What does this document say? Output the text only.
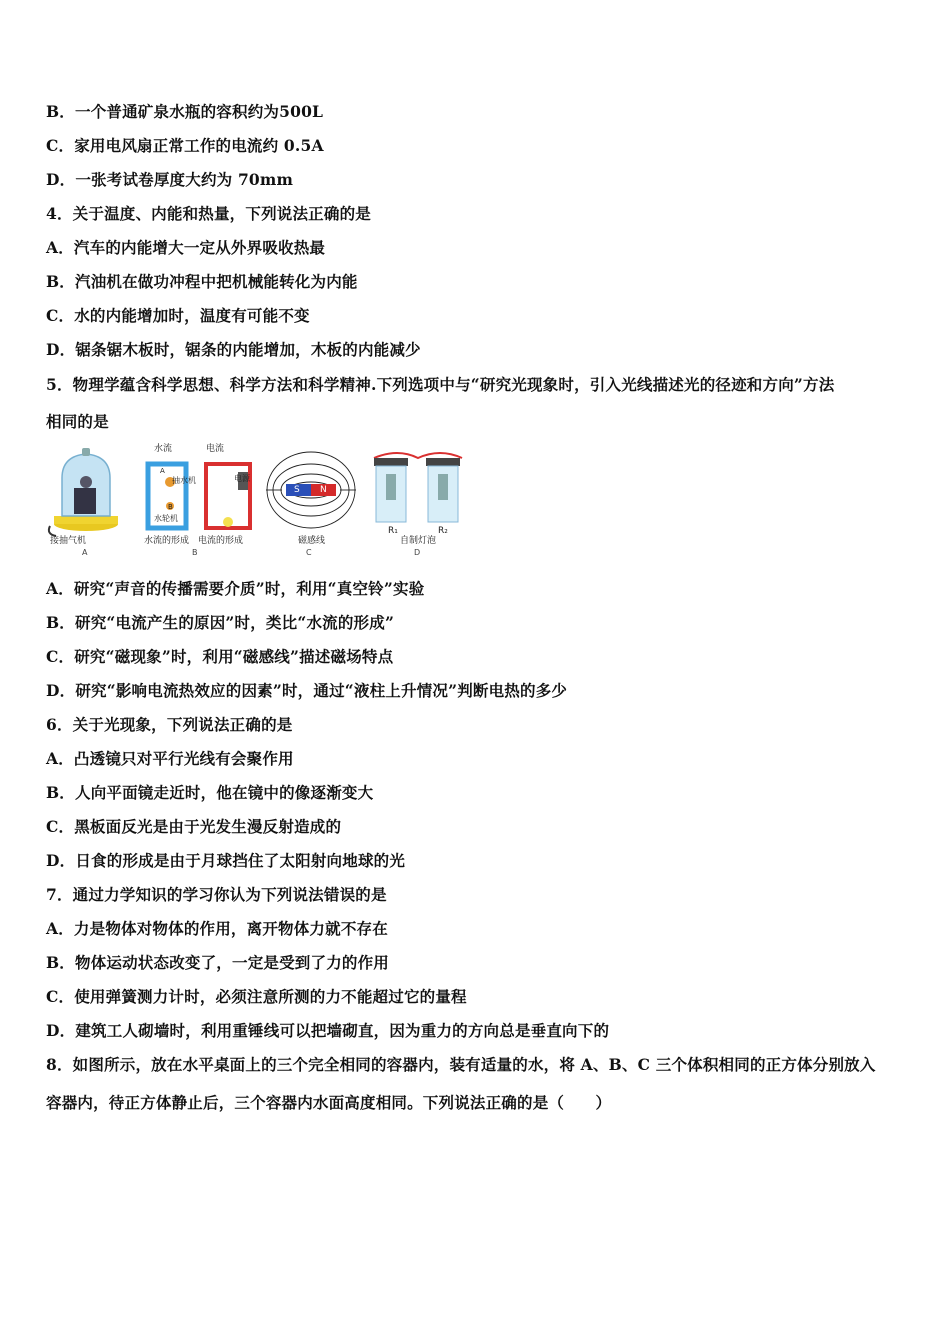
B．一个普通矿泉水瓶的容积约为500L
C．家用电风扇正常工作的电流约 0.5A
D．一张考试卷厚度大约为 70mm
4．关于温度、内能和热量，下列说法正确的是
A．汽车的内能增大一定从外界吸收热最
B．汽油机在做功冲程中把机械能转化为内能
C．水的内能增加时，温度有可能不变
D．锯条锯木板时，锯条的内能增加，木板的内能减少
5．物理学蕴含科学思想、科学方法和科学精神.下列选项中与“研究光现象时，引入光线描述光的径迹和方向”方法
相同的是
接抽气机
A
水流	电流
A
抽水机
B
水轮机
电源
水流的形成 电流的形成
B
S N
磁感线
C
R₁	R₂
自制灯泡
D
A．研究“声音的传播需要介质”时，利用“真空铃”实验
B．研究“电流产生的原因”时，类比“水流的形成”
C．研究“磁现象”时，利用“磁感线”描述磁场特点
D．研究“影响电流热效应的因素”时，通过“液柱上升情况”判断电热的多少
6．关于光现象，下列说法正确的是
A．凸透镜只对平行光线有会聚作用
B．人向平面镜走近时，他在镜中的像逐渐变大
C．黑板面反光是由于光发生漫反射造成的
D．日食的形成是由于月球挡住了太阳射向地球的光
7．通过力学知识的学习你认为下列说法错误的是
A．力是物体对物体的作用，离开物体力就不存在
B．物体运动状态改变了，一定是受到了力的作用
C．使用弹簧测力计时，必须注意所测的力不能超过它的量程
D．建筑工人砌墙时，利用重锤线可以把墙砌直，因为重力的方向总是垂直向下的
8．如图所示，放在水平桌面上的三个完全相同的容器内，装有适量的水，将 A、B、C 三个体积相同的正方体分别放入
容器内，待正方体静止后，三个容器内水面高度相同。下列说法正确的是（　　）
